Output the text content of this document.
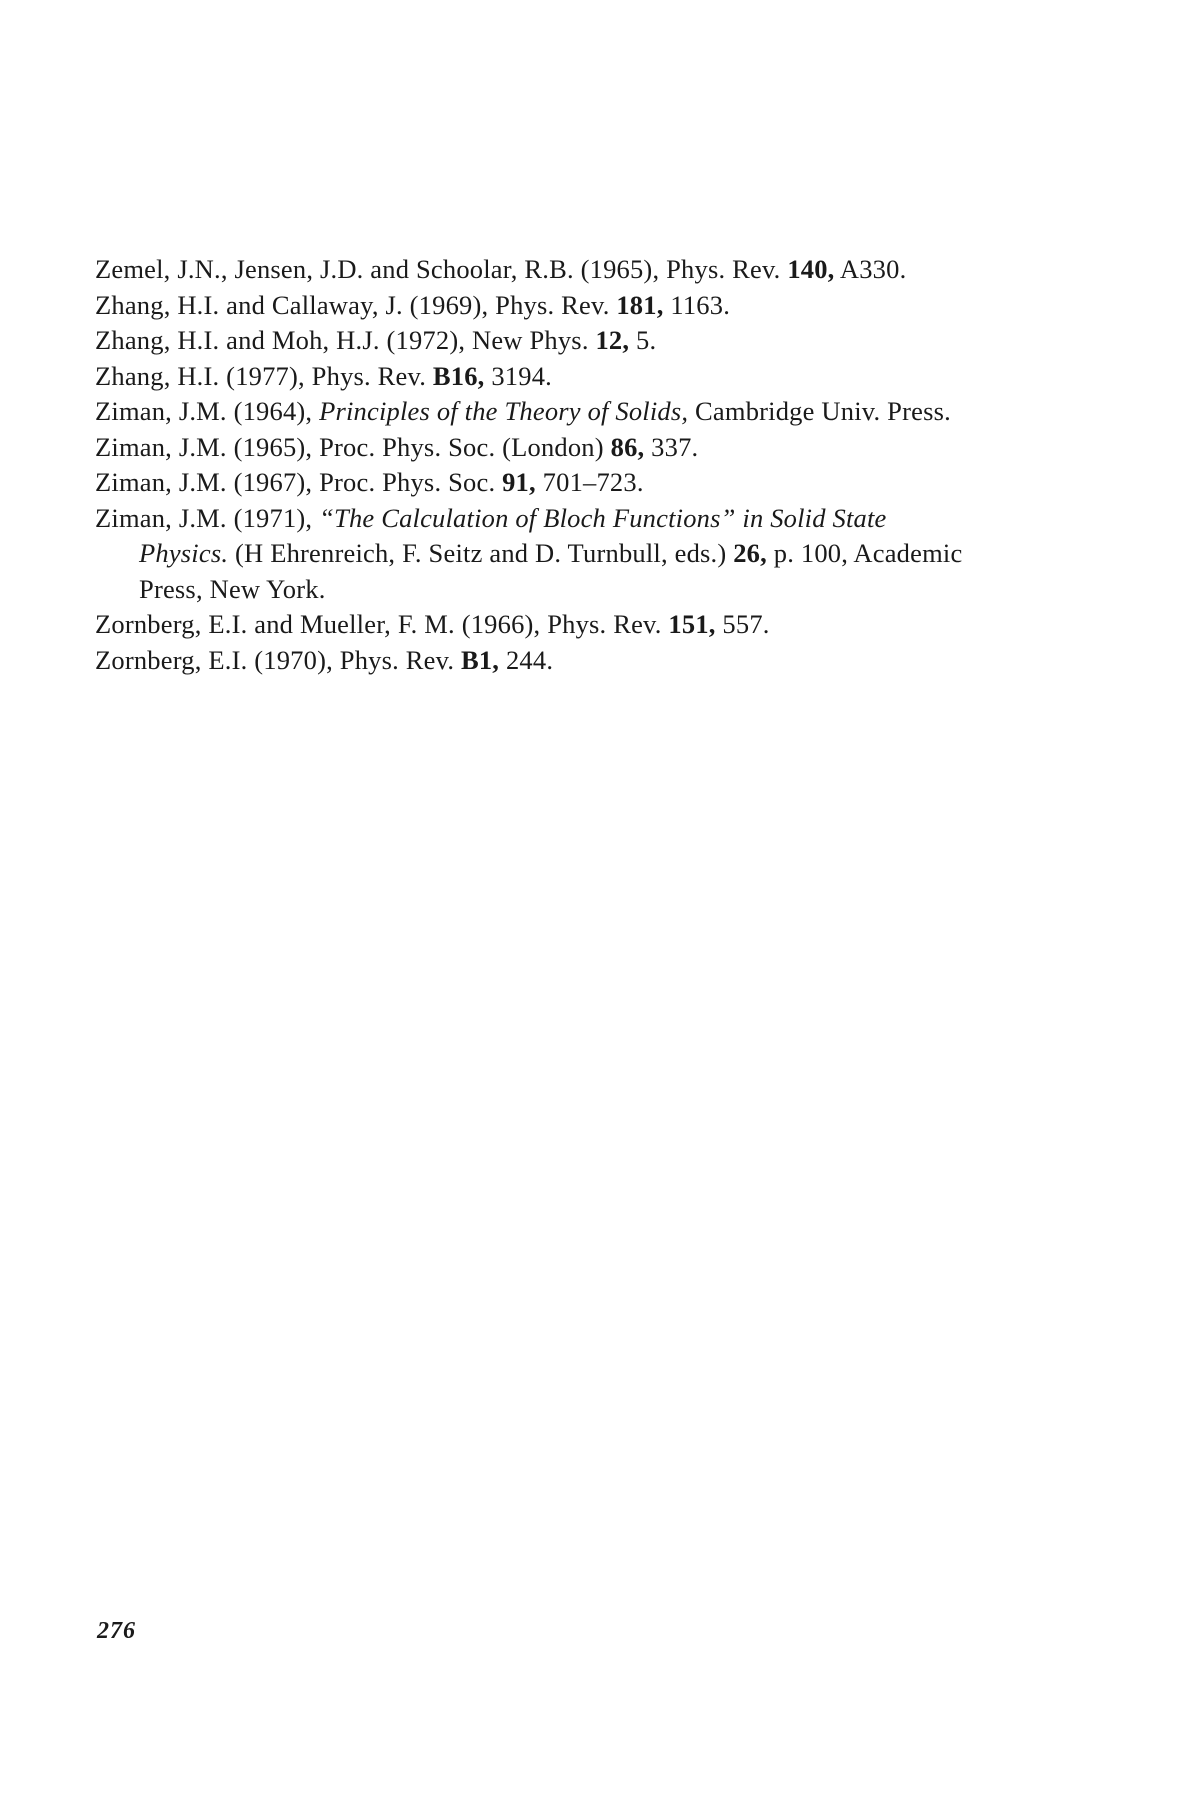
Zemel, J.N., Jensen, J.D. and Schoolar, R.B. (1965), Phys. Rev. 140, A330.

Zhang, H.I. and Callaway, J. (1969), Phys. Rev. 181, 1163.

Zhang, H.I. and Moh, H.J. (1972), New Phys. 12, 5.

Zhang, H.I. (1977), Phys. Rev. B16, 3194.

Ziman, J.M. (1964), Principles of the Theory of Solids, Cambridge Univ. Press.

Ziman, J.M. (1965), Proc. Phys. Soc. (London) 86, 337.

Ziman, J.M. (1967), Proc. Phys. Soc. 91, 701–723.

Ziman, J.M. (1971), “The Calculation of Bloch Functions” in Solid State Physics. (H Ehrenreich, F. Seitz and D. Turnbull, eds.) 26, p. 100, Academic Press, New York.

Zornberg, E.I. and Mueller, F. M. (1966), Phys. Rev. 151, 557.

Zornberg, E.I. (1970), Phys. Rev. B1, 244.

276
